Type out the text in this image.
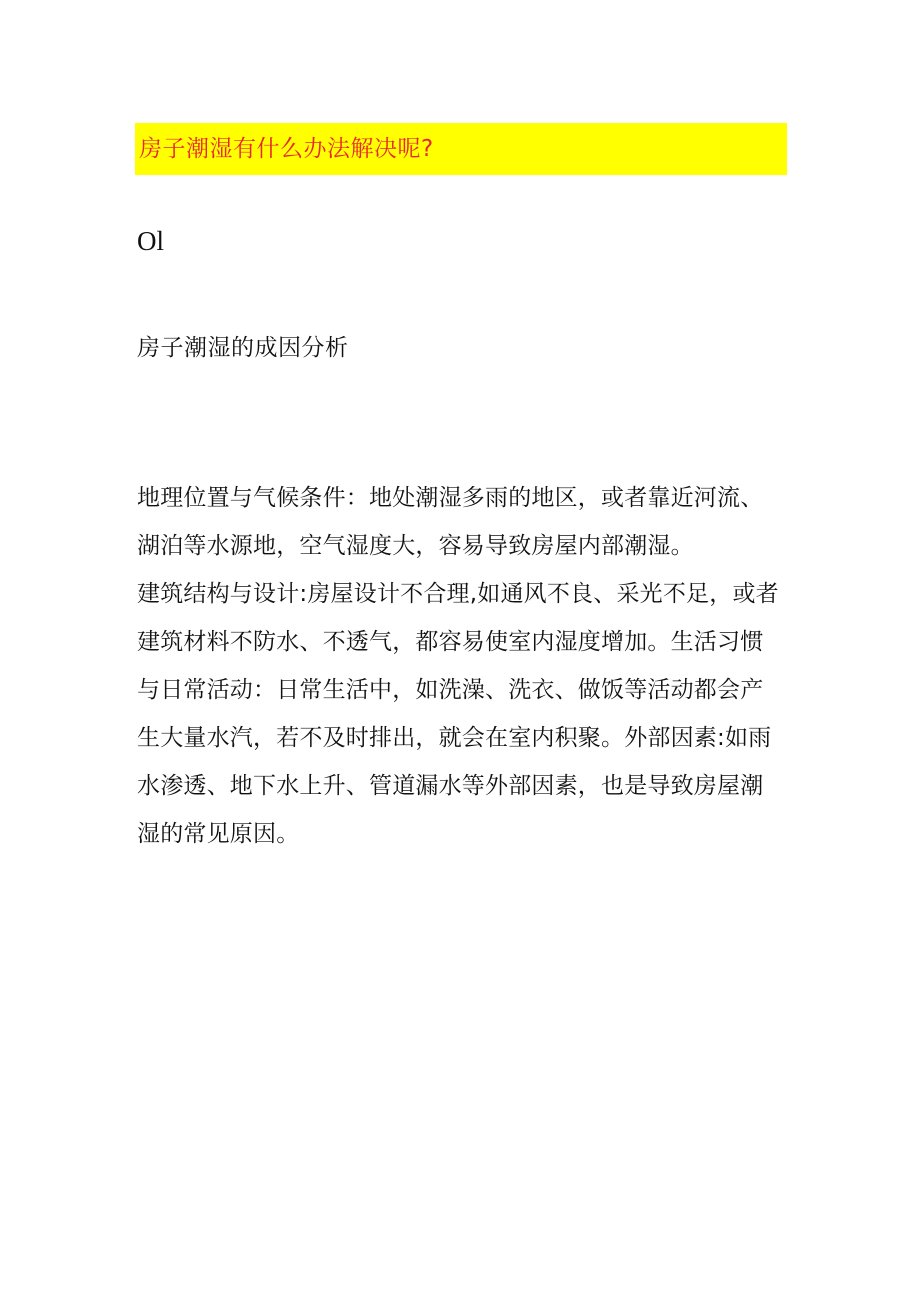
房子潮湿有什么办法解决呢?
Ol
房子潮湿的成因分析
地理位置与气候条件：地处潮湿多雨的地区，或者靠近河流、
湖泊等水源地，空气湿度大，容易导致房屋内部潮湿。
建筑结构与设计:房屋设计不合理,如通风不良、采光不足，或者
建筑材料不防水、不透气，都容易使室内湿度增加。生活习惯
与日常活动：日常生活中，如洗澡、洗衣、做饭等活动都会产
生大量水汽，若不及时排出，就会在室内积聚。外部因素:如雨
水渗透、地下水上升、管道漏水等外部因素，也是导致房屋潮
湿的常见原因。
